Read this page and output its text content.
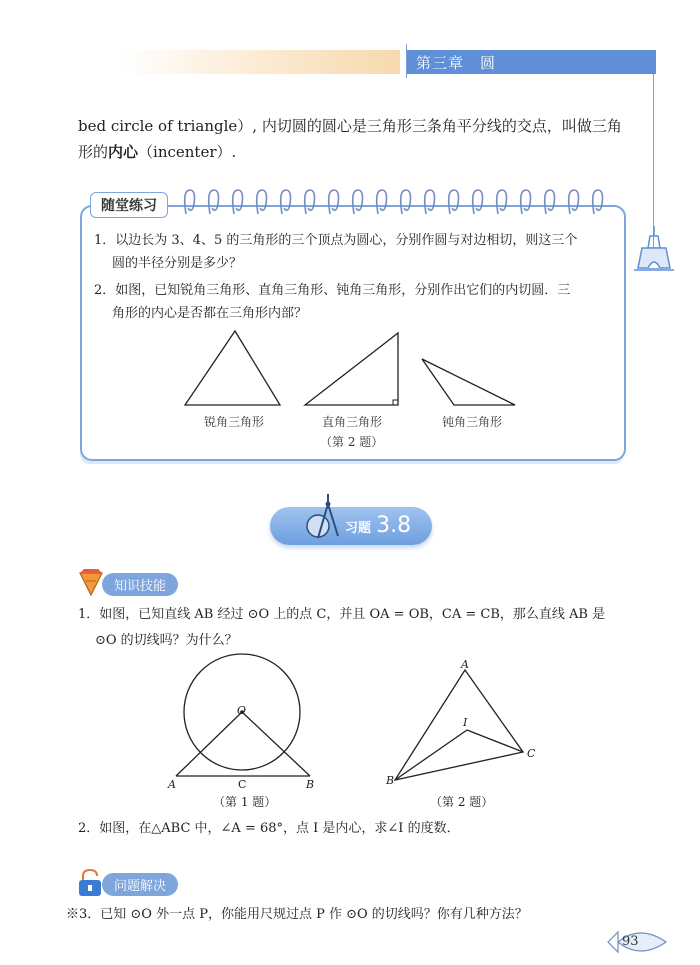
第三章　圆
bed circle of triangle）, 内切圆的圆心是三角形三条角平分线的交点，叫做三角
形的内心（incenter）.
1．以边长为 3、4、5 的三角形的三个顶点为圆心，分别作圆与对边相切，则这三个
圆的半径分别是多少？
2．如图，已知锐角三角形、直角三角形、钝角三角形，分别作出它们的内切圆．三
角形的内心是否都在三角形内部？
锐角三角形	直角三角形	钝角三角形
（第 2 题）
随堂练习
习题 3.8
知识技能
1．如图，已知直线 AB 经过 ⊙O 上的点 C，并且 OA = OB，CA = CB，那么直线 AB 是
⊙O 的切线吗？为什么？
O
A	B
C
（第 1 题）
A
B
C
I
（第 2 题）
2．如图，在△ABC 中，∠A = 68°，点 I 是内心，求∠I 的度数．
问题解决
※3．已知 ⊙O 外一点 P，你能用尺规过点 P 作 ⊙O 的切线吗？你有几种方法？
93
